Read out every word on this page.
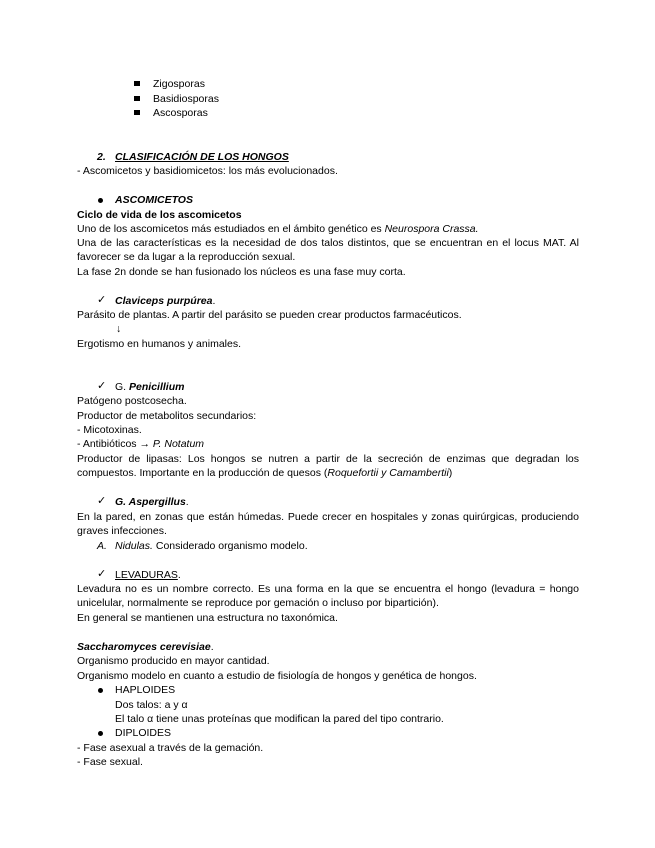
Zigosporas
Basidiosporas
Ascosporas
2. CLASIFICACIÓN DE LOS HONGOS
- Ascomicetos y basidiomicetos: los más evolucionados.
ASCOMICETOS
Ciclo de vida de los ascomicetos
Uno de los ascomicetos más estudiados en el ámbito genético es Neurospora Crassa.
Una de las características es la necesidad de dos talos distintos, que se encuentran en el locus MAT. Al favorecer se da lugar a la reproducción sexual.
La fase 2n donde se han fusionado los núcleos es una fase muy corta.
✓ Claviceps purpúrea.
Parásito de plantas. A partir del parásito se pueden crear productos farmacéuticos.
↓
Ergotismo en humanos y animales.
✓ G. Penicillium
Patógeno postcosecha.
Productor de metabolitos secundarios:
- Micotoxinas.
- Antibióticos → P. Notatum
Productor de lipasas: Los hongos se nutren a partir de la secreción de enzimas que degradan los compuestos. Importante en la producción de quesos (Roquefortii y Camambertii)
✓ G. Aspergillus.
En la pared, en zonas que están húmedas. Puede crecer en hospitales y zonas quirúrgicas, produciendo graves infecciones.
A. Nidulas. Considerado organismo modelo.
✓ LEVADURAS.
Levadura no es un nombre correcto. Es una forma en la que se encuentra el hongo (levadura = hongo unicelular, normalmente se reproduce por gemación o incluso por bipartición).
En general se mantienen una estructura no taxonómica.
Saccharomyces cerevisiae.
Organismo producido en mayor cantidad.
Organismo modelo en cuanto a estudio de fisiología de hongos y genética de hongos.
HAPLOIDES
Dos talos: a y α
El talo α tiene unas proteínas que modifican la pared del tipo contrario.
DIPLOIDES
- Fase asexual a través de la gemación.
- Fase sexual.
